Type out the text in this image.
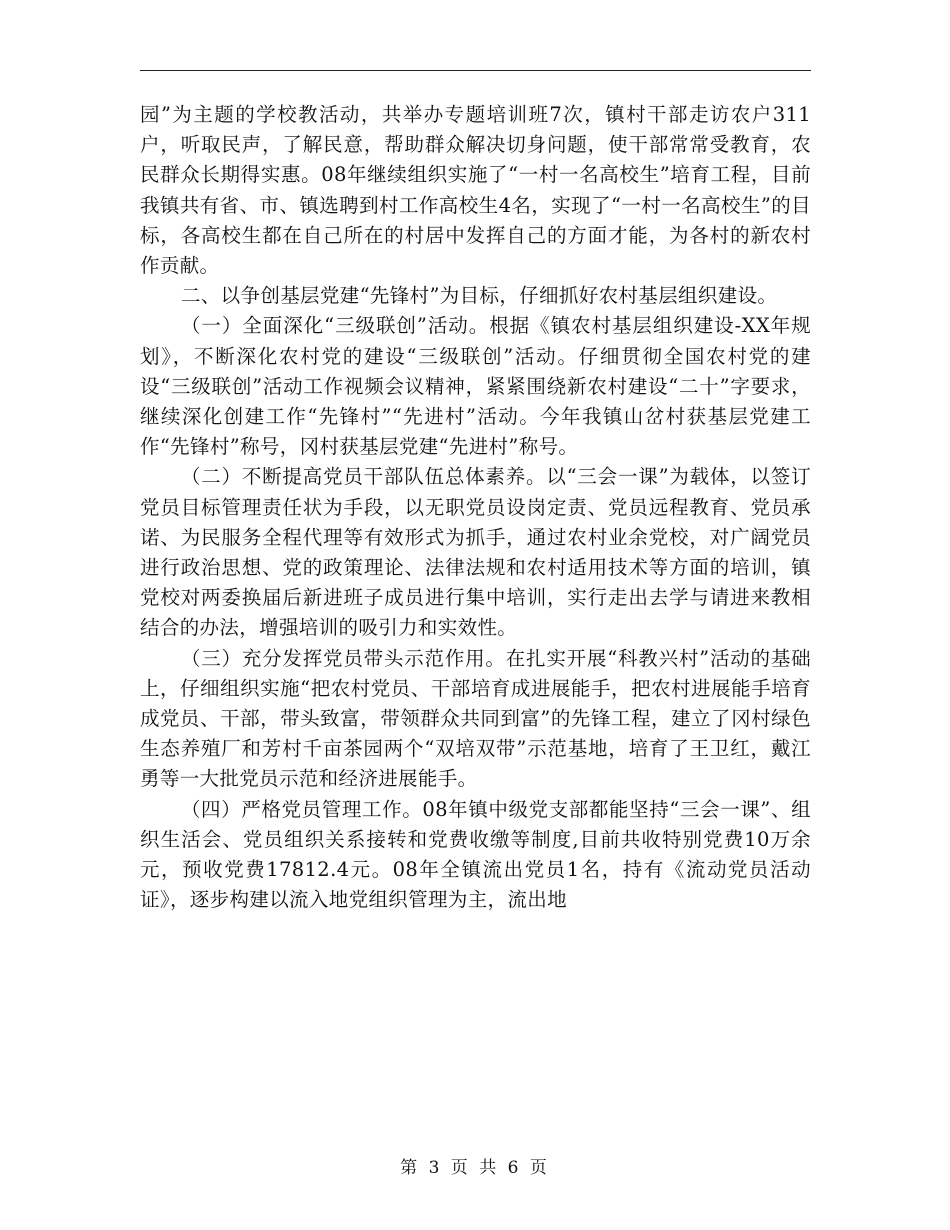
园”为主题的学校教活动，共举办专题培训班7次，镇村干部走访农户311户，听取民声，了解民意，帮助群众解决切身问题，使干部常常受教育，农民群众长期得实惠。08年继续组织实施了“一村一名高校生”培育工程，目前我镇共有省、市、镇选聘到村工作高校生4名，实现了“一村一名高校生”的目标，各高校生都在自己所在的村居中发挥自己的方面才能，为各村的新农村作贡献。

二、以争创基层党建“先锋村”为目标，仔细抓好农村基层组织建设。

（一）全面深化“三级联创”活动。根据《镇农村基层组织建设-XX年规划》，不断深化农村党的建设“三级联创”活动。仔细贯彻全国农村党的建设“三级联创”活动工作视频会议精神，紧紧围绕新农村建设“二十”字要求，继续深化创建工作“先锋村”“先进村”活动。今年我镇山岔村获基层党建工作“先锋村”称号，冈村获基层党建“先进村”称号。

（二）不断提高党员干部队伍总体素养。以“三会一课”为载体，以签订党员目标管理责任状为手段，以无职党员设岗定责、党员远程教育、党员承诺、为民服务全程代理等有效形式为抓手，通过农村业余党校，对广阔党员进行政治思想、党的政策理论、法律法规和农村适用技术等方面的培训，镇党校对两委换届后新进班子成员进行集中培训，实行走出去学与请进来教相结合的办法，增强培训的吸引力和实效性。

（三）充分发挥党员带头示范作用。在扎实开展“科教兴村”活动的基础上，仔细组织实施“把农村党员、干部培育成进展能手，把农村进展能手培育成党员、干部，带头致富，带领群众共同到富”的先锋工程，建立了冈村绿色生态养殖厂和芳村千亩茶园两个“双培双带”示范基地，培育了王卫红，戴江勇等一大批党员示范和经济进展能手。

（四）严格党员管理工作。08年镇中级党支部都能坚持“三会一课”、组织生活会、党员组织关系接转和党费收缴等制度,目前共收特别党费10万余元，预收党费17812.4元。08年全镇流出党员1名，持有《流动党员活动证》，逐步构建以流入地党组织管理为主，流出地

第 3 页 共 6 页
